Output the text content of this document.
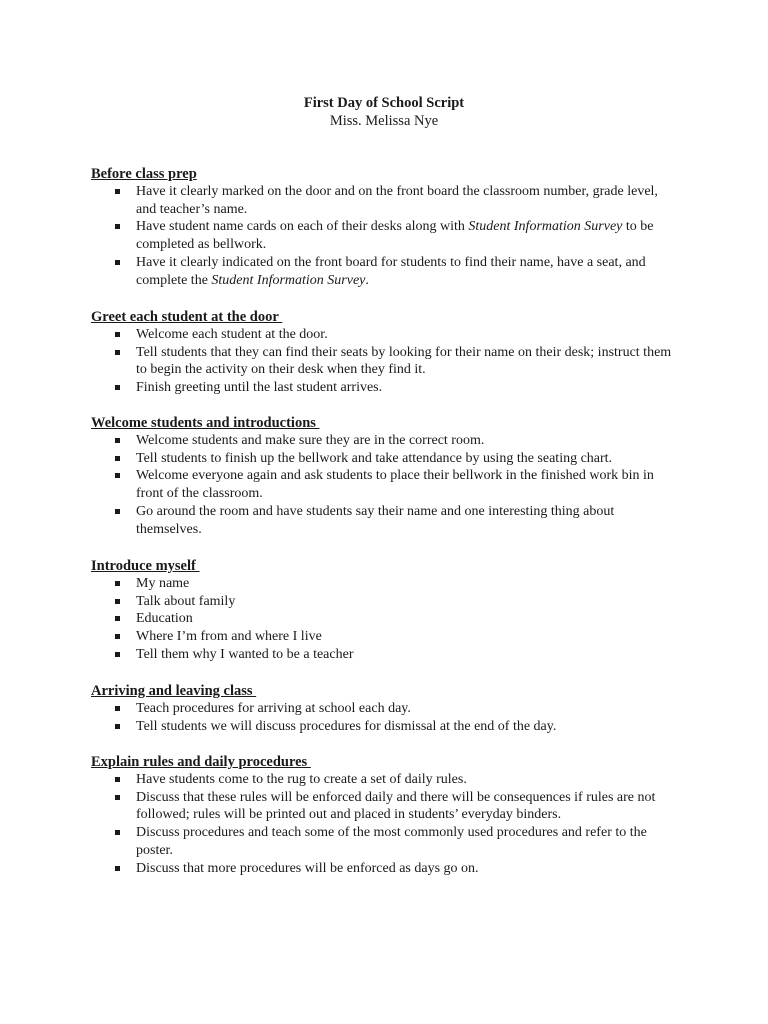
First Day of School Script
Miss. Melissa Nye
Before class prep
Have it clearly marked on the door and on the front board the classroom number, grade level, and teacher’s name.
Have student name cards on each of their desks along with Student Information Survey to be completed as bellwork.
Have it clearly indicated on the front board for students to find their name, have a seat, and complete the Student Information Survey.
Greet each student at the door
Welcome each student at the door.
Tell students that they can find their seats by looking for their name on their desk; instruct them to begin the activity on their desk when they find it.
Finish greeting until the last student arrives.
Welcome students and introductions
Welcome students and make sure they are in the correct room.
Tell students to finish up the bellwork and take attendance by using the seating chart.
Welcome everyone again and ask students to place their bellwork in the finished work bin in front of the classroom.
Go around the room and have students say their name and one interesting thing about themselves.
Introduce myself
My name
Talk about family
Education
Where I’m from and where I live
Tell them why I wanted to be a teacher
Arriving and leaving class
Teach procedures for arriving at school each day.
Tell students we will discuss procedures for dismissal at the end of the day.
Explain rules and daily procedures
Have students come to the rug to create a set of daily rules.
Discuss that these rules will be enforced daily and there will be consequences if rules are not followed; rules will be printed out and placed in students’ everyday binders.
Discuss procedures and teach some of the most commonly used procedures and refer to the poster.
Discuss that more procedures will be enforced as days go on.
